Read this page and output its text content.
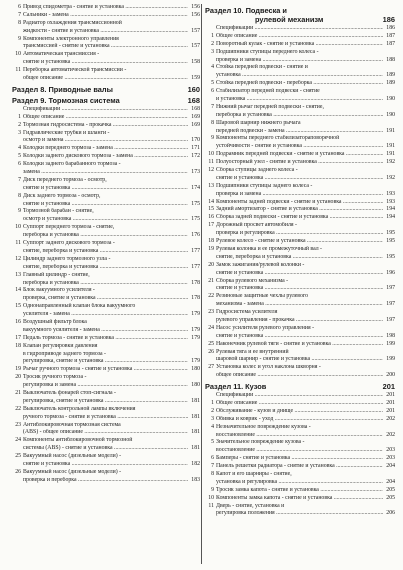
6 Привод спидометра - снятие и установка .....	156
7 Сальники - замена .....	156
8 Радиатор охлаждения трансмиссионной
жидкости - снятие и установка .....	157
9 Компоненты электронного управления
трансмиссией - снятие и установка .....	157
10 Автоматическая трансмиссия -
снятие и установка .....	158
11 Переборка автоматической трансмиссии -
общее описание .....	159
Раздел 8. Приводные валы	160
Раздел 9. Тормозная система	168
Спецификации .....	168
1 Общее описание .....	169
2 Тормозная гидросистема - прокачка .....	169
3 Гидравлические трубки и шланги -
осмотр и замена .....	170
4 Колодки переднего тормоза - замена .....	171
5 Колодки заднего дискового тормоза - замена .....	172
6 Колодки заднего барабанного тормоза -
замена .....	173
7 Диск переднего тормоза - осмотр,
снятие и установка .....	174
8 Диск заднего тормоза - осмотр,
снятие и установка .....	175
9 Тормозной барабан - снятие,
осмотр и установка .....	175
10 Суппорт переднего тормоза - снятие,
переборка и установка .....	176
11 Суппорт заднего дискового тормоза -
снятие, переборка и установка .....	177
12 Цилиндр заднего тормозного узла -
снятие, переборка и установка .....	177
13 Главный цилиндр - снятие,
переборка и установка .....	178
14 Блок вакуумного усилителя -
проверка, снятие и установка .....	178
15 Однонаправленный клапан блока вакуумного
усилителя - замена .....	179
16 Воздушный фильтр блока
вакуумного усилителя - замена .....	179
17 Педаль тормоза - снятие и установка .....	179
18 Клапан регулировки давления
в гидроприводе заднего тормоза -
регулировка, снятие и установка .....	179
19 Рычаг ручного тормоза - снятие и установка .....	180
20 Тросик ручного тормоза -
регулировка и замена .....	180
21 Выключатель фонарей стоп-сигнала -
регулировка, снятие и установка .....	181
22 Выключатель контрольной лампы включения
ручного тормоза - снятие и установка .....	181
23 Антиблокировочная тормозная система
(ABS) - общее описание .....	181
24 Компоненты антиблокировочной тормозной
системы (ABS) - снятие и установка .....	181
25 Вакуумный насос (дизельные модели) -
снятие и установка .....	182
26 Вакуумный насос (дизельные модели) -
проверка и переборка .....	183
Раздел 10. Подвеска и
рулевой механизм	186
Спецификации .....	186
1 Общее описание .....	187
2 Поворотный кулак - снятие и установка .....	187
3 Подшипники ступицы переднего колеса -
проверка и замена .....	188
4 Стойка передней подвески - снятие и
установка .....	189
5 Стойка передней подвески - переборка .....	189
6 Стабилизатор передней подвески - снятие
и установка .....	190
7 Нижний рычаг передней подвески - снятие,
переборка и установка .....	190
8 Шаровой шарнир нижнего рычага
передней подвески - замена .....	191
9 Компоненты переднего стабилизатораповоречной
устойчивости - снятие и установка .....	191
10 Подрамник передней подвески - снятие и установка .....	191
11 Полуосторный узел - снятие и установка .....	192
12 Сборка ступицы заднего колеса -
снятие и установка .....	192
13 Подшипники ступицы заднего колеса -
проверка и замена .....	193
14 Компоненты задней подвески - снятие и установка .....	193
15 Задний амортизатор - снятие и установка .....	194
16 Сборка задней подвески - снятие и установка .....	194
17 Дорожный просвет автомобиля -
проверка и регулировка .....	195
18 Рулевое колесо - снятие и установка .....	195
19 Рулевая колонка и ее промежуточный вал -
снятие, переборка и установка .....	195
20 Замок зажигания/рулевой колонки -
снятие и установка .....	196
21 Сборка рулевого механизма -
снятие и установка .....	197
22 Резиновые защитные чехлы рулевого
механизма - замена .....	197
23 Гидросистема усилителя
рулевого управления - прокачка .....	197
24 Насос усилителя рулевого управления -
снятие и установка .....	198
25 Наконечник рулевой тяги - снятие и установка .....	199
26 Рулевая тяга и ее внутренний
шаровой шарнир - снятие и установка .....	199
27 Установка колес и угол наклона шкворня -
общее описание .....	200
Раздел 11. Кузов	201
Спецификации .....	201
1 Общее описание .....	201
2 Обслуживание - кузов и днище .....	201
3 Обивка и коврик - уход .....	202
4 Незначительное повреждение кузова -
восстановление .....	202
5 Значительное повреждение кузова -
восстановление .....	203
6 Бамперы - снятие и установка .....	203
7 Панель решетки радиатора - снятие и установка .....	204
8 Капот и его шарниры - снятие,
установка и регулировка .....	204
9 Тросик замка капота - снятие и установка .....	205
10 Компоненты замка капота - снятие и установка .....	205
11 Дверь - снятие, установка и
регулировка положения .....	206
